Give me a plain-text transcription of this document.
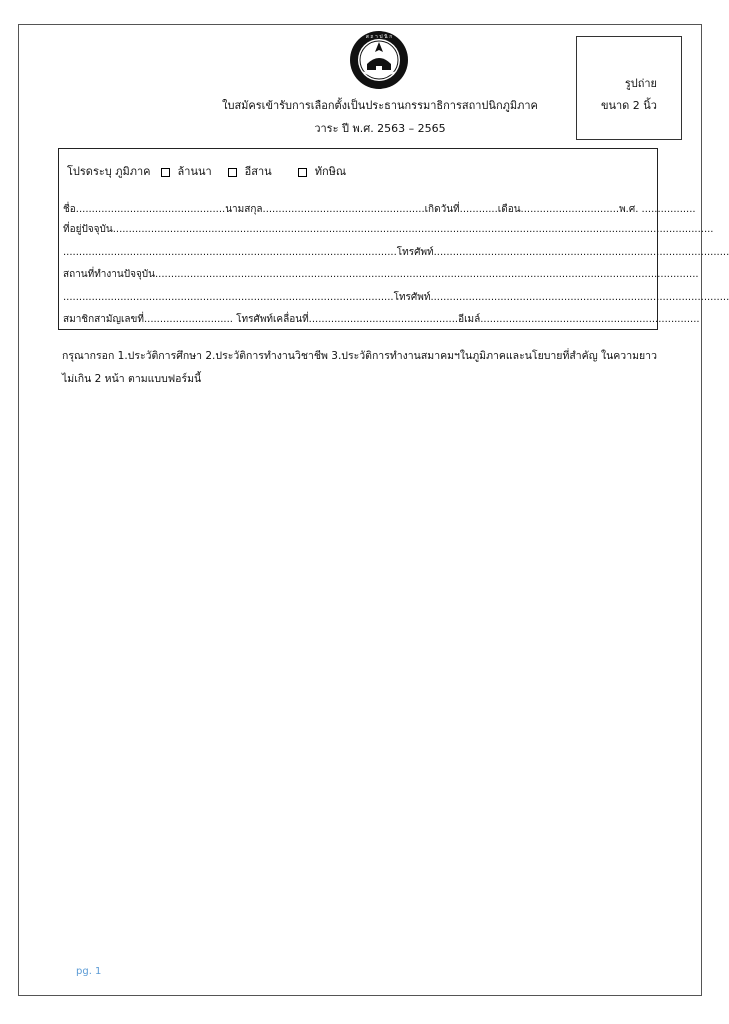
ส ถ า ป นิ ก
ใบสมัครเข้ารับการเลือกตั้งเป็นประธานกรรมาธิการสถาปนิกภูมิภาค
วาระ ปี พ.ศ. 2563 – 2565
รูปถ่าย
ขนาด 2 นิ้ว
โปรดระบุ ภูมิภาค ล้านนา	อีสาน	ทักษิณ
ชื่อ...............................................นามสกุล...................................................เกิดวันที่............เดือน...............................พ.ศ. .................
ที่อยู่ปัจจุบัน.............................................................................................................................................................................................
.........................................................................................................โทรศัพท์.............................................................................................
สถานที่ทำงานปัจจุบัน...........................................................................................................................................................................
........................................................................................................โทรศัพท์..............................................................................................
สมาชิกสามัญเลขที่............................ โทรศัพท์เคลื่อนที่...............................................อีเมล์.....................................................................
กรุณากรอก 1.ประวัติการศึกษา 2.ประวัติการทำงานวิชาชีพ 3.ประวัติการทำงานสมาคมฯในภูมิภาคและนโยบายที่สำคัญ ในความยาว
ไม่เกิน 2 หน้า ตามแบบฟอร์มนี้
pg. 1
